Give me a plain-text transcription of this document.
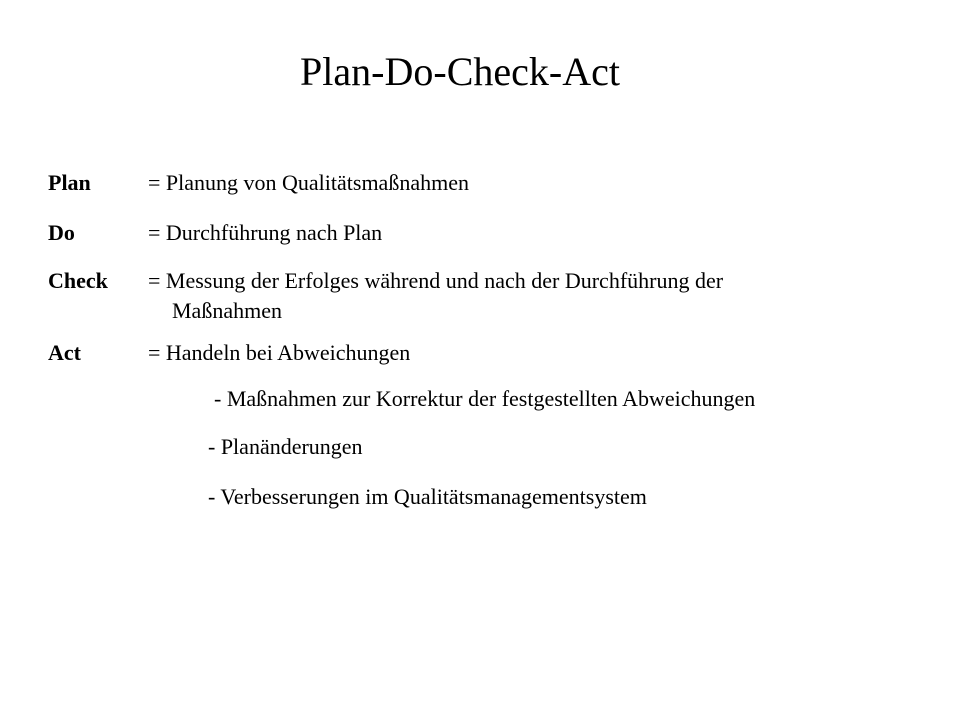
Plan-Do-Check-Act
Plan	= Planung von Qualitätsmaßnahmen
Do	= Durchführung nach Plan
Check = Messung der Erfolges während und nach der Durchführung der
Maßnahmen
Act	= Handeln bei Abweichungen
- Maßnahmen zur Korrektur der festgestellten Abweichungen
- Planänderungen
- Verbesserungen im Qualitätsmanagementsystem
